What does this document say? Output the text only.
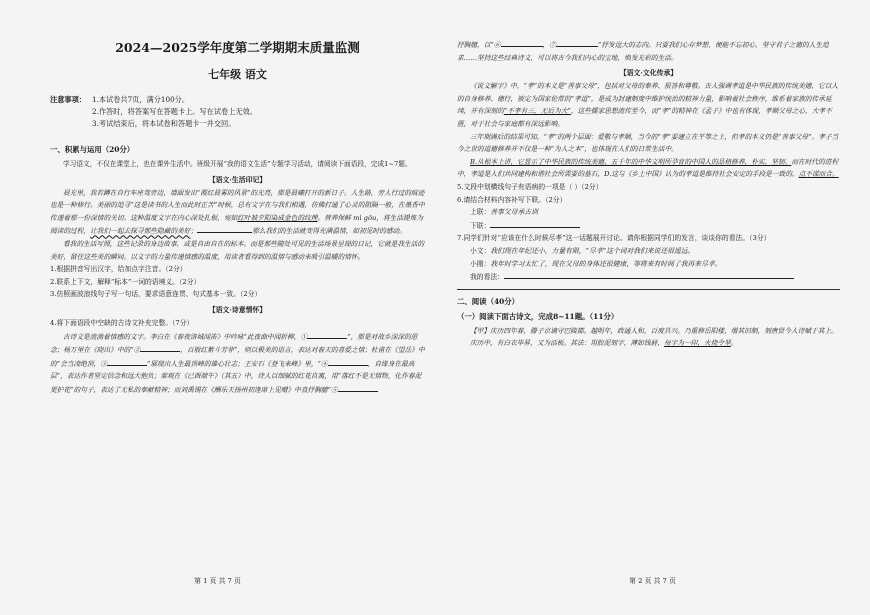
2024—2025学年度第二学期期末质量监测
七年级 语文
注意事项： 1.本试卷共7页，满分100分。
2.作答时，将答案写在答题卡上。写在试卷上无效。
3.考试结束后，将本试卷和答题卡一并交回。
一、积累与运用（20分）

学习语文，不仅在课堂上，也在课外生活中。班级开展“我的语文生活”专题学习活动，请阅读下面语段，完成1~7题。

【语文·生活印记】

晨光里，我若蹲在自行车座驾旁边，墙面发出“霞红晨雾的风景”的光亮，那是晨曦打开的新日子。人生路，旁人行过的痕迹也是一种修行。美丽的追寻“这是读书的人生而此时正苦”时候，总有文字在与我们相遇，仿佛打通了心灵的阻隔一般，在墨香中传递着那一份深情的关切。这种温度文字在内心深处扎根，宛如红叶被夕阳染成金色的纹理。营养保鲜 mì gōu，将生活提炼为阅读的过程，让我们一起去探寻那些隐藏的美好；	那么我们的生活就变得充满温情，如初见时的感动。

看我的生活写照，这些记录的身边故事，或是自由自在的标本。而是那些随处可见的生活场景呈现的日记，它就是我生活的美好，留住这些美的瞬间。以文字的力量传递情感的温度，用读者看得到的温情与感动来吸引温暖的情怀。

1.根据拼音写出汉字，给加点字注音。（2分）

2.联系上下文，解释“标本”一词的语境义。（2分）

3.仿照画波浪线句子写一句话，要求语意连贯、句式基本一致。（2分）

【语文·诗意情怀】

4.将下面语段中空缺的古诗文补充完整。（7分）

古诗文是流淌着情感的文字。李白在《春夜洛城闻笛》中吟咏“此夜曲中闻折柳，①	”，那是对故乡深深的思念；杨万里在《晓出》中的“②	，百般红紫斗芳菲”，则以极美的语言，表达对春天的喜爱之情；杜甫在《望岳》中的“会当凌绝顶，③	”展现出人生最顶峰的雄心壮志；王安石《登飞来峰》里，“④	，自缘身在最高层”，表达作者坚定信念和远大抱负；秦观在《已酉端午》（其五）中，诗人以细腻的红花自寓，用“落红不是无情物，化作春泥更护花”的句子，表达了无私的奉献精神；而刘禹锡在《酬乐天扬州初逢席上见赠》中直抒胸臆“⑤

第 1 页 共 7 页

抒胸臆，以“⑥	，⑦	”抒发远大的志向。只要我们心存梦想，便能不忘初心，坚守君子之德的人生追求……坚持这些经典诗文，可以将古今我们内心的宝地，焕发光彩的生活。

【语文·文化传承】

《说文解字》中，“孝”的本义是“善事父母”，包括对父母的奉养、报答和尊敬。古人强调孝道是中华民族的传统美德，它以人的自身修养、德行，被定为国家伦常的“孝道”，是成为封建制度中维护统治的精神力量，影响着社会秩序，维系着家族的传承延续，并有深刻的“不孝有三，无后为大”，这些儒家思想流传至今，而“孝”的精神在《孟子》中也有体现，孝顺父母之心，大孝不匮，对于社会与家庭都有深远影响。

三年期满后的结果可知，“孝”的两个层面：爱敬与孝顺，当今的“孝”要建立在平等之上，但孝的本义仍是“善事父母”。孝子当今之世的道德修养并不仅是一种“为人之本”，也体现在人们的日常生活中。

B.从根本上讲，它显示了中华民族的传统美德，五千年的中华文明所孕育的中国人的品格修养，朴实，坚韧。而在时代的进程中，孝道是人们共同建构和谐社会所需要的基石，D.这与《乡土中国》认为的孝道是维持社会安定的手段是一致的。点不谋而合。

5.文段中划横线句子有语病的一项是（ ）（2分）

6.请结合材料内容补写下联。（2分）

上联：善事父母承古训

下联：

7.同学们针对“应该在什么时候尽孝”这一话题展开讨论。请你根据同学们的发言，谈谈你的看法。（3分）

小文：我们现在年纪还小，力量有限，“尽孝”这个词对我们来说还很遥远。

小刚：我年时学习太忙了，现在父母的身体还很健康，等将来有时间了我再来尽孝。

我的看法：

二、阅读（40分）
（一）阅读下面古诗文，完成8~11题。（11分）

【甲】庆历四年春，滕子京谪守巴陵郡。越明年，政通人和，百废具兴。乃重修岳阳楼，增其旧制，刻唐贤今人诗赋于其上。

庆历中，有白衣毕昇，又为活板。其法：用胶泥刻字，薄如钱唇，每字为一印，火烧令坚。

第 2 页 共 7 页
